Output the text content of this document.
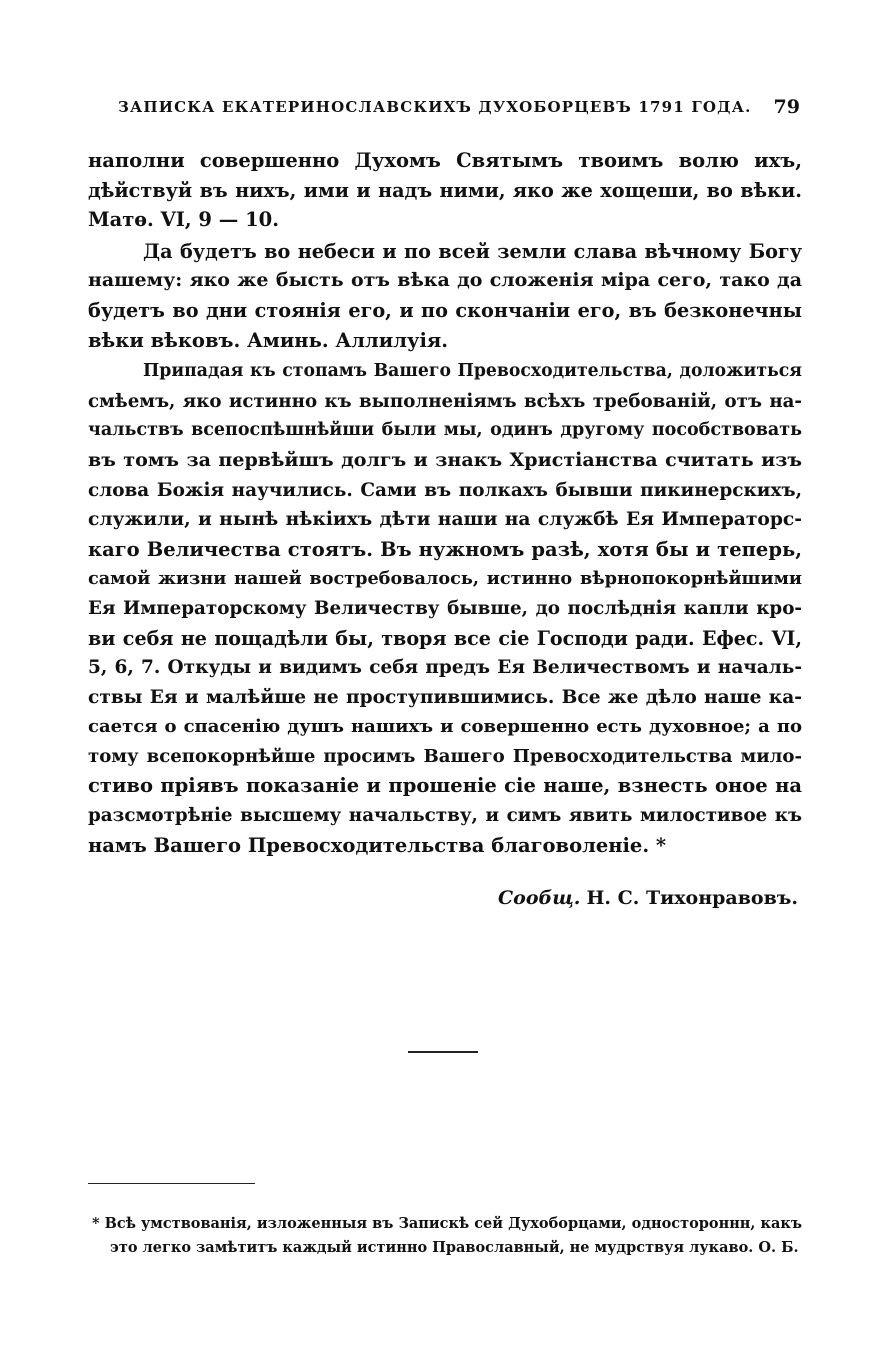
ЗАПИСКА ЕКАТЕРИНОСЛАВСКИХЪ ДУХОБОРЦЕВЪ 1791 ГОДА. 79
наполни совершенно Духомъ Святымъ твоимъ волю ихъ,
дѣйствуй въ нихъ, ими и надъ ними, яко же хощеши, во вѣки.
Матѳ. VI, 9 — 10.
Да будетъ во небеси и по всей земли слава вѣчному Богу
нашему: яко же бысть отъ вѣка до сложенія міра сего, тако да
будетъ во дни стоянія его, и по скончаніи его, въ безконечны
вѣки вѣковъ. Аминь. Аллилуія.
Припадая къ стопамъ Вашего Превосходительства, доложиться
смѣемъ, яко истинно къ выполненіямъ всѣхъ требованій, отъ на-
чальствъ всепоспѣшнѣйши были мы, одинъ другому пособствовать
въ томъ за первѣйшъ долгъ и знакъ Христіанства считать изъ
слова Божія научились. Сами въ полкахъ бывши пикинерскихъ,
служили, и нынѣ нѣкіихъ дѣти наши на службѣ Ея Императорс-
каго Величества стоятъ. Въ нужномъ разѣ, хотя бы и теперь,
самой жизни нашей востребовалось, истинно вѣрнопокорнѣйшими
Ея Императорскому Величеству бывше, до послѣднія капли кро-
ви себя не пощадѣли бы, творя все сіе Господи ради. Ефес. VI,
5, 6, 7. Откуды и видимъ себя предъ Ея Величествомъ и началь-
ствы Ея и малѣйше не проступившимись. Все же дѣло наше ка-
сается о спасенію душъ нашихъ и совершенно есть духовное; а по
тому всепокорнѣйше просимъ Вашего Превосходительства мило-
стиво пріявъ показаніе и прошеніе сіе наше, взнесть оное на
разсмотрѣніе высшему начальству, и симъ явить милостивое къ
намъ Вашего Превосходительства благоволеніе. *
Сообщ. Н. С. Тихонравовъ.
* Всѣ умствованія, изложенныя въ Запискѣ сей Духоборцами, одностороннн, какъ
это легко замѣтитъ каждый истинно Православный, не мудрствуя лукаво. О. Б.
